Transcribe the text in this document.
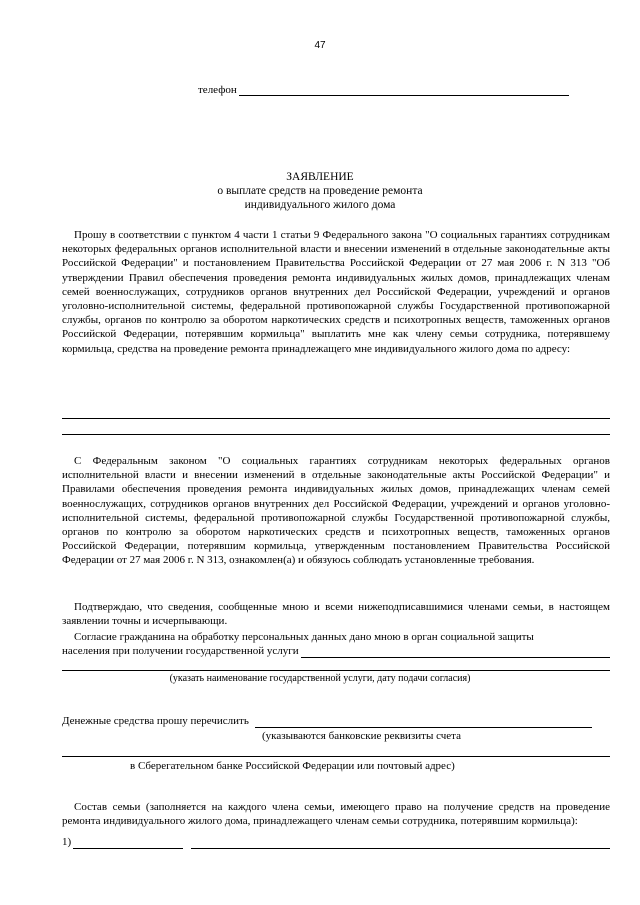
47
телефон
ЗАЯВЛЕНИЕ
о выплате средств на проведение ремонта
индивидуального жилого дома
Прошу в соответствии с пунктом 4 части 1 статьи 9 Федерального закона "О социальных гарантиях сотрудникам некоторых федеральных органов исполнительной власти и внесении изменений в отдельные законодательные акты Российской Федерации" и постановлением Правительства Российской Федерации от 27 мая 2006 г. N 313 "Об утверждении Правил обеспечения проведения ремонта индивидуальных жилых домов, принадлежащих членам семей военнослужащих, сотрудников органов внутренних дел Российской Федерации, учреждений и органов уголовно-исполнительной системы, федеральной противопожарной службы Государственной противопожарной службы, органов по контролю за оборотом наркотических средств и психотропных веществ, таможенных органов Российской Федерации, потерявшим кормильца" выплатить мне как члену семьи сотрудника, потерявшему кормильца, средства на проведение ремонта принадлежащего мне индивидуального жилого дома по адресу:
С Федеральным законом "О социальных гарантиях сотрудникам некоторых федеральных органов исполнительной власти и внесении изменений в отдельные законодательные акты Российской Федерации" и Правилами обеспечения проведения ремонта индивидуальных жилых домов, принадлежащих членам семей военнослужащих, сотрудников органов внутренних дел Российской Федерации, учреждений и органов уголовно-исполнительной системы, федеральной противопожарной службы Государственной противопожарной службы, органов по контролю за оборотом наркотических средств и психотропных веществ, таможенных органов Российской Федерации, потерявшим кормильца, утвержденным постановлением Правительства Российской Федерации от 27 мая 2006 г. N 313, ознакомлен(а) и обязуюсь соблюдать установленные требования.
Подтверждаю, что сведения, сообщенные мною и всеми нижеподписавшимися членами семьи, в настоящем заявлении точны и исчерпывающи.
Согласие гражданина на обработку персональных данных дано мною в орган социальной защиты
населения при получении государственной услуги
(указать наименование государственной услуги, дату подачи согласия)
Денежные средства прошу перечислить
(указываются банковские реквизиты счета
в Сберегательном банке Российской Федерации или почтовый адрес)
Состав семьи (заполняется на каждого члена семьи, имеющего право на получение средств на проведение ремонта индивидуального жилого дома, принадлежащего членам семьи сотрудника, потерявшим кормильца):
1)
